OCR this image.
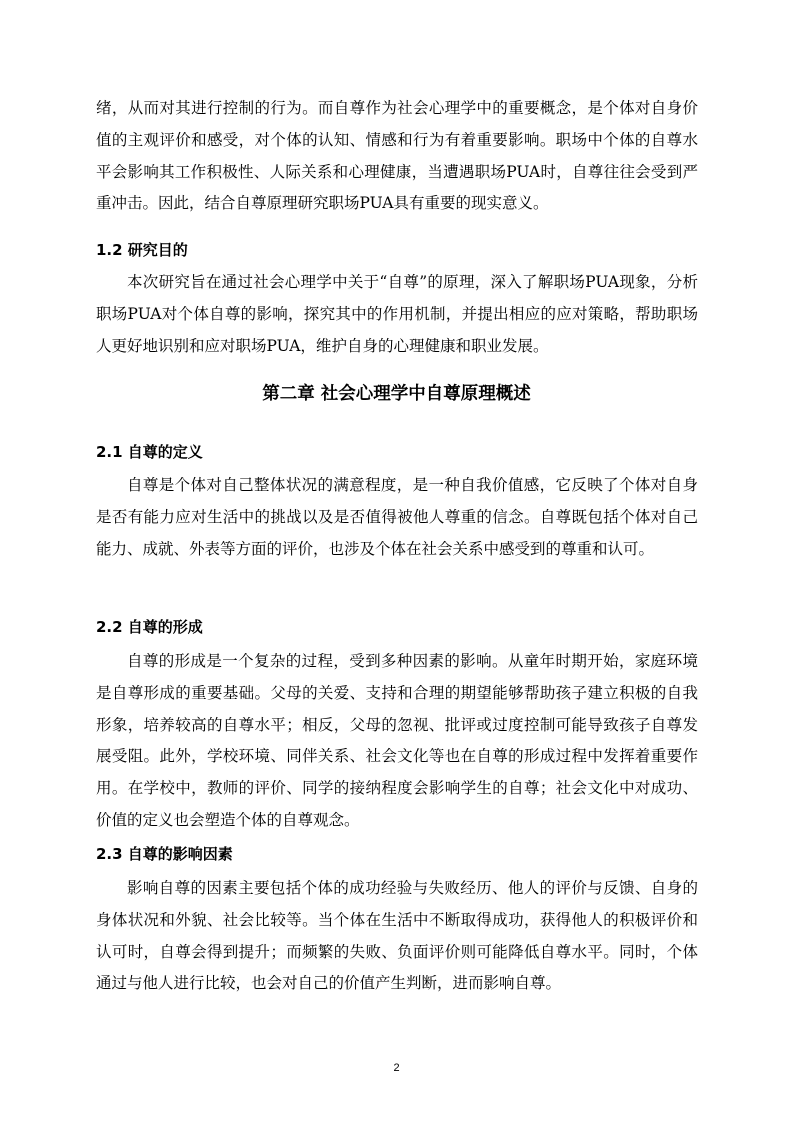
绪，从而对其进行控制的行为。而自尊作为社会心理学中的重要概念，是个体对自身价值的主观评价和感受，对个体的认知、情感和行为有着重要影响。职场中个体的自尊水平会影响其工作积极性、人际关系和心理健康，当遭遇职场PUA时，自尊往往会受到严重冲击。因此，结合自尊原理研究职场PUA具有重要的现实意义。

1.2 研究目的

本次研究旨在通过社会心理学中关于“自尊”的原理，深入了解职场PUA现象，分析职场PUA对个体自尊的影响，探究其中的作用机制，并提出相应的应对策略，帮助职场人更好地识别和应对职场PUA，维护自身的心理健康和职业发展。

第二章 社会心理学中自尊原理概述
2.1 自尊的定义

自尊是个体对自己整体状况的满意程度，是一种自我价值感，它反映了个体对自身是否有能力应对生活中的挑战以及是否值得被他人尊重的信念。自尊既包括个体对自己能力、成就、外表等方面的评价，也涉及个体在社会关系中感受到的尊重和认可。

2.2 自尊的形成

自尊的形成是一个复杂的过程，受到多种因素的影响。从童年时期开始，家庭环境是自尊形成的重要基础。父母的关爱、支持和合理的期望能够帮助孩子建立积极的自我形象，培养较高的自尊水平；相反，父母的忽视、批评或过度控制可能导致孩子自尊发展受阻。此外，学校环境、同伴关系、社会文化等也在自尊的形成过程中发挥着重要作用。在学校中，教师的评价、同学的接纳程度会影响学生的自尊；社会文化中对成功、价值的定义也会塑造个体的自尊观念。

2.3 自尊的影响因素

影响自尊的因素主要包括个体的成功经验与失败经历、他人的评价与反馈、自身的身体状况和外貌、社会比较等。当个体在生活中不断取得成功，获得他人的积极评价和认可时，自尊会得到提升；而频繁的失败、负面评价则可能降低自尊水平。同时，个体通过与他人进行比较，也会对自己的价值产生判断，进而影响自尊。

2
